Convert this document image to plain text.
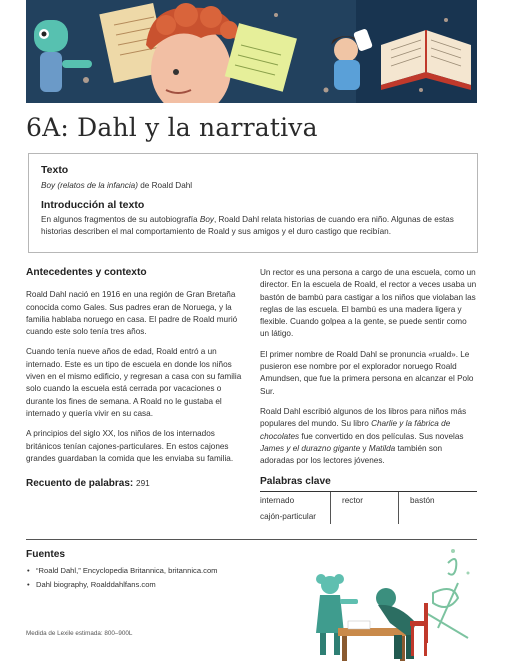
6A: Dahl y la narrativa
Texto

Boy (relatos de la infancia) de Roald Dahl

Introducción al texto

En algunos fragmentos de su autobiografía Boy, Roald Dahl relata historias de cuando era niño. Algunas de estas historias describen el mal comportamiento de Roald y sus amigos y el duro castigo que recibían.

Antecedentes y contexto

Roald Dahl nació en 1916 en una región de Gran Bretaña conocida como Gales. Sus padres eran de Noruega, y la familia hablaba noruego en casa. El padre de Roald murió cuando este solo tenía tres años.

Cuando tenía nueve años de edad, Roald entró a un internado. Este es un tipo de escuela en donde los niños viven en el mismo edificio, y regresan a casa con su familia solo cuando la escuela está cerrada por vacaciones o durante los fines de semana. A Roald no le gustaba el internado y quería vivir en su casa.

A principios del siglo XX, los niños de los internados británicos tenían cajones-particulares. En estos cajones grandes guardaban la comida que les enviaba su familia.

Un rector es una persona a cargo de una escuela, como un director. En la escuela de Roald, el rector a veces usaba un bastón de bambú para castigar a los niños que violaban las reglas de las escuela. El bambú es una madera ligera y flexible. Cuando golpea a la gente, se puede sentir como un látigo.

El primer nombre de Roald Dahl se pronuncia «ruald». Le pusieron ese nombre por el explorador noruego Roald Amundsen, que fue la primera persona en alcanzar el Polo Sur.

Roald Dahl escribió algunos de los libros para niños más populares del mundo. Su libro Charlie y la fábrica de chocolates fue convertido en dos películas. Sus novelas James y el durazno gigante y Matilda también son adoradas por los lectores jóvenes.

Recuento de palabras: 291	Palabras clave
internado	rector	bastón
cajón-particular
Fuentes
• “Roald Dahl,” Encyclopedia Britannica, britannica.com
• Dahl biography, Roalddahlfans.com
Medida de Lexile estimada: 800–900L
